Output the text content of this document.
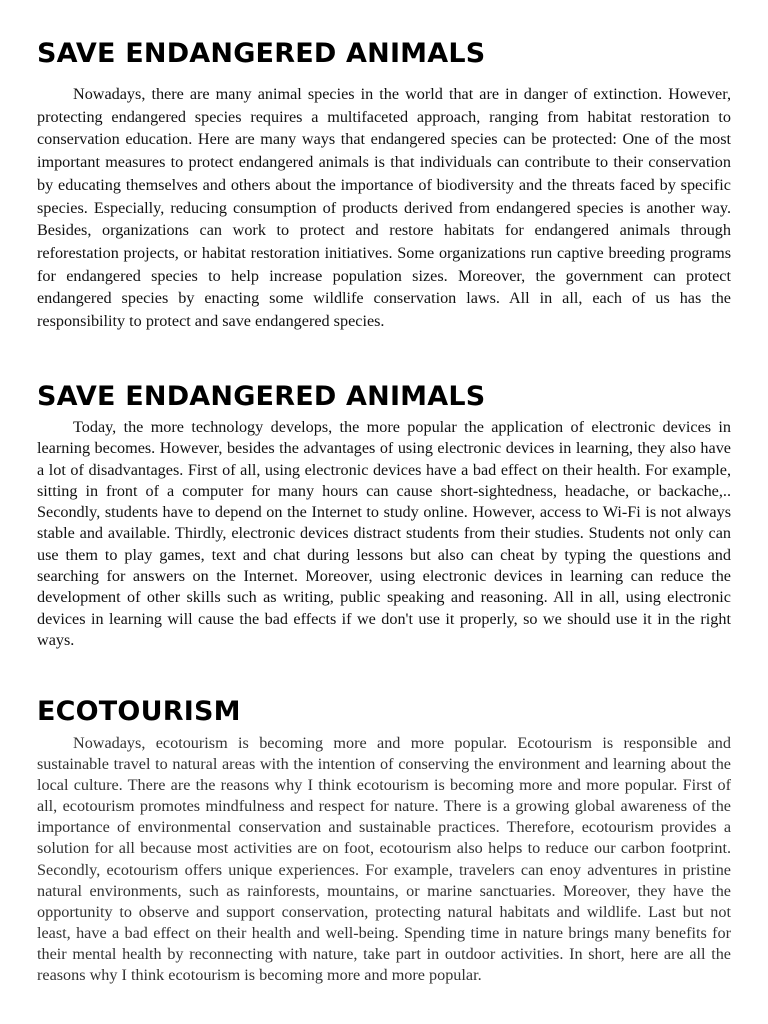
SAVE ENDANGERED ANIMALS

Nowadays, there are many animal species in the world that are in danger of extinction. However, protecting endangered species requires a multifaceted approach, ranging from habitat restoration to conservation education. Here are many ways that endangered species can be protected: One of the most important measures to protect endangered animals is that individuals can contribute to their conservation by educating themselves and others about the importance of biodiversity and the threats faced by specific species. Especially, reducing consumption of products derived from endangered species is another way. Besides, organizations can work to protect and restore habitats for endangered animals through reforestation projects, or habitat restoration initiatives. Some organizations run captive breeding programs for endangered species to help increase population sizes. Moreover, the government can protect endangered species by enacting some wildlife conservation laws. All in all, each of us has the responsibility to protect and save endangered species.

SAVE ENDANGERED ANIMALS

Today, the more technology develops, the more popular the application of electronic devices in learning becomes. However, besides the advantages of using electronic devices in learning, they also have a lot of disadvantages. First of all, using electronic devices have a bad effect on their health. For example, sitting in front of a computer for many hours can cause short-sightedness, headache, or backache,.. Secondly, students have to depend on the Internet to study online. However, access to Wi-Fi is not always stable and available. Thirdly, electronic devices distract students from their studies. Students not only can use them to play games, text and chat during lessons but also can cheat by typing the questions and searching for answers on the Internet. Moreover, using electronic devices in learning can reduce the development of other skills such as writing, public speaking and reasoning. All in all, using electronic devices in learning will cause the bad effects if we don't use it properly, so we should use it in the right ways.

ECOTOURISM

Nowadays, ecotourism is becoming more and more popular. Ecotourism is responsible and sustainable travel to natural areas with the intention of conserving the environment and learning about the local culture. There are the reasons why I think ecotourism is becoming more and more popular. First of all, ecotourism promotes mindfulness and respect for nature. There is a growing global awareness of the importance of environmental conservation and sustainable practices. Therefore, ecotourism provides a solution for all because most activities are on foot, ecotourism also helps to reduce our carbon footprint. Secondly, ecotourism offers unique experiences. For example, travelers can enoy adventures in pristine natural environments, such as rainforests, mountains, or marine sanctuaries. Moreover, they have the opportunity to observe and support conservation, protecting natural habitats and wildlife. Last but not least, have a bad effect on their health and well-being. Spending time in nature brings many benefits for their mental health by reconnecting with nature, take part in outdoor activities. In short, here are all the reasons why I think ecotourism is becoming more and more popular.
